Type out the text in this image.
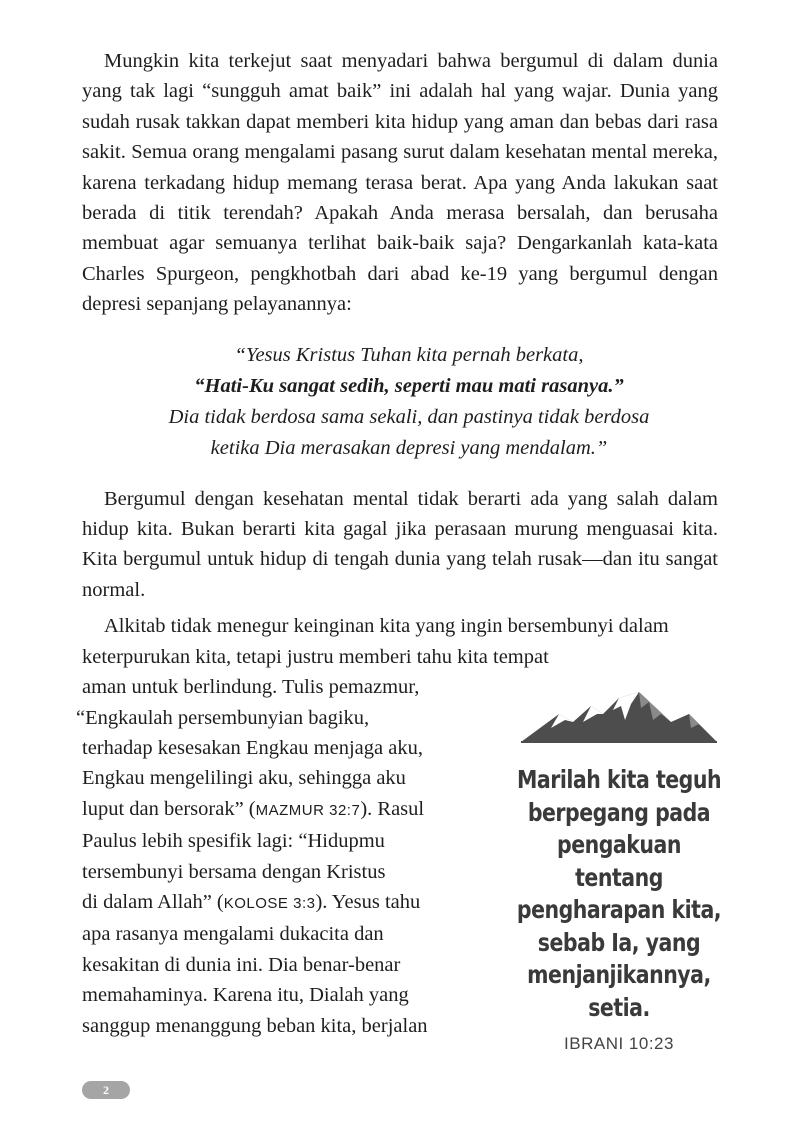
Mungkin kita terkejut saat menyadari bahwa bergumul di dalam dunia yang tak lagi “sungguh amat baik” ini adalah hal yang wajar. Dunia yang sudah rusak takkan dapat memberi kita hidup yang aman dan bebas dari rasa sakit. Semua orang mengalami pasang surut dalam kesehatan mental mereka, karena terkadang hidup memang terasa berat. Apa yang Anda lakukan saat berada di titik terendah? Apakah Anda merasa bersalah, dan berusaha membuat agar semuanya terlihat baik-baik saja? Dengarkanlah kata-kata Charles Spurgeon, pengkhotbah dari abad ke-19 yang bergumul dengan depresi sepanjang pelayanannya:

“Yesus Kristus Tuhan kita pernah berkata,
“Hati-Ku sangat sedih, seperti mau mati rasanya.”
Dia tidak berdosa sama sekali, dan pastinya tidak berdosa
ketika Dia merasakan depresi yang mendalam.”

Bergumul dengan kesehatan mental tidak berarti ada yang salah dalam hidup kita. Bukan berarti kita gagal jika perasaan murung menguasai kita. Kita bergumul untuk hidup di tengah dunia yang telah rusak—dan itu sangat normal.

Alkitab tidak menegur keinginan kita yang ingin bersembunyi dalam keterpurukan kita, tetapi justru memberi tahu kita tempat

aman untuk berlindung. Tulis pemazmur,
“Engkaulah persembunyian bagiku,
terhadap kesesakan Engkau menjaga aku,
Engkau mengelilingi aku, sehingga aku
luput dan bersorak” (MAZMUR 32:7). Rasul
Paulus lebih spesifik lagi: “Hidupmu
tersembunyi bersama dengan Kristus
di dalam Allah” (KOLOSE 3:3). Yesus tahu
apa rasanya mengalami dukacita dan
kesakitan di dunia ini. Dia benar-benar
memahaminya. Karena itu, Dialah yang
sanggup menanggung beban kita, berjalan
Marilah kita teguh
berpegang pada
pengakuan tentang
pengharapan kita,
sebab Ia, yang
menjanjikannya,
setia.
IBRANI 10:23
2
